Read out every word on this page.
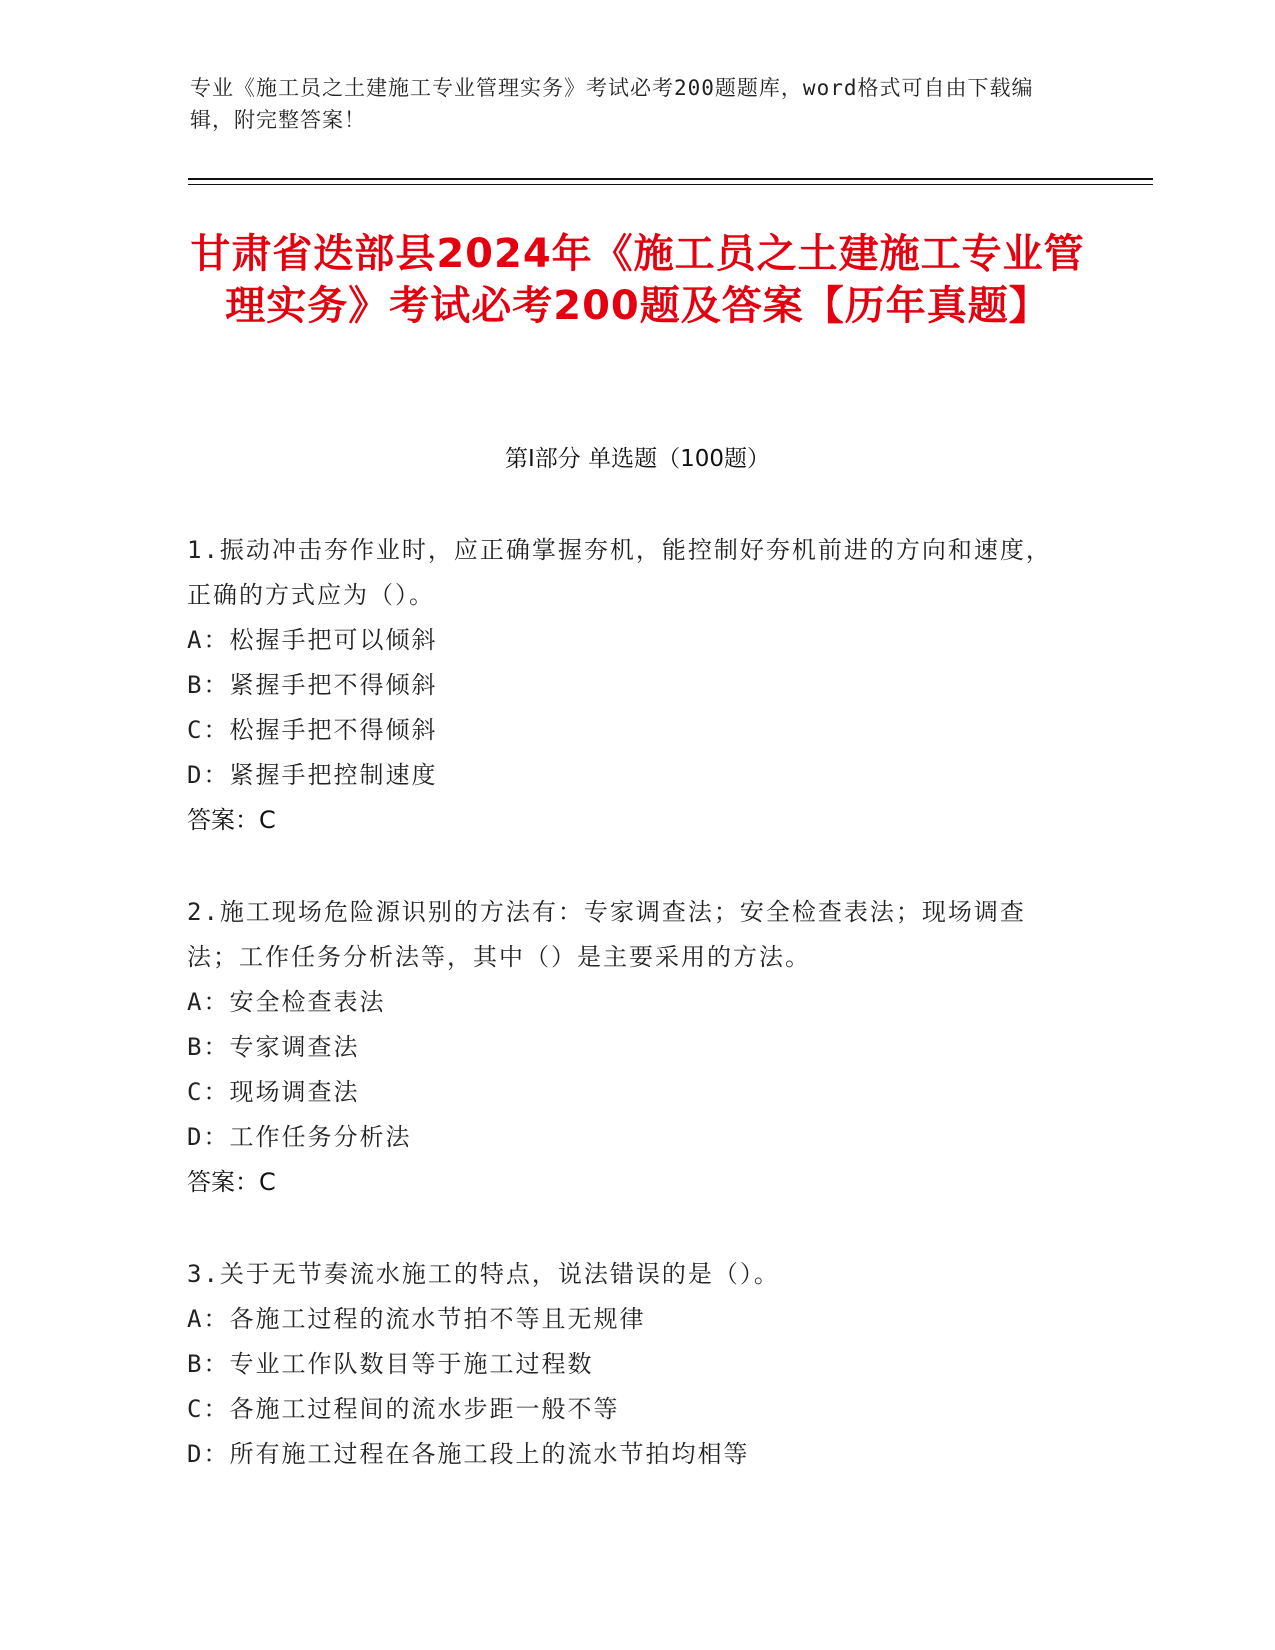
专业《施工员之土建施工专业管理实务》考试必考200题题库，word格式可自由下载编辑，附完整答案！
甘肃省迭部县2024年《施工员之土建施工专业管理实务》考试必考200题及答案【历年真题】
第I部分 单选题（100题）
1.振动冲击夯作业时，应正确掌握夯机，能控制好夯机前进的方向和速度，正确的方式应为（）。
A：松握手把可以倾斜
B：紧握手把不得倾斜
C：松握手把不得倾斜
D：紧握手把控制速度
答案：C
2.施工现场危险源识别的方法有：专家调查法；安全检查表法；现场调查法；工作任务分析法等，其中（）是主要采用的方法。
A：安全检查表法
B：专家调查法
C：现场调查法
D：工作任务分析法
答案：C
3.关于无节奏流水施工的特点，说法错误的是（）。
A：各施工过程的流水节拍不等且无规律
B：专业工作队数目等于施工过程数
C：各施工过程间的流水步距一般不等
D：所有施工过程在各施工段上的流水节拍均相等
